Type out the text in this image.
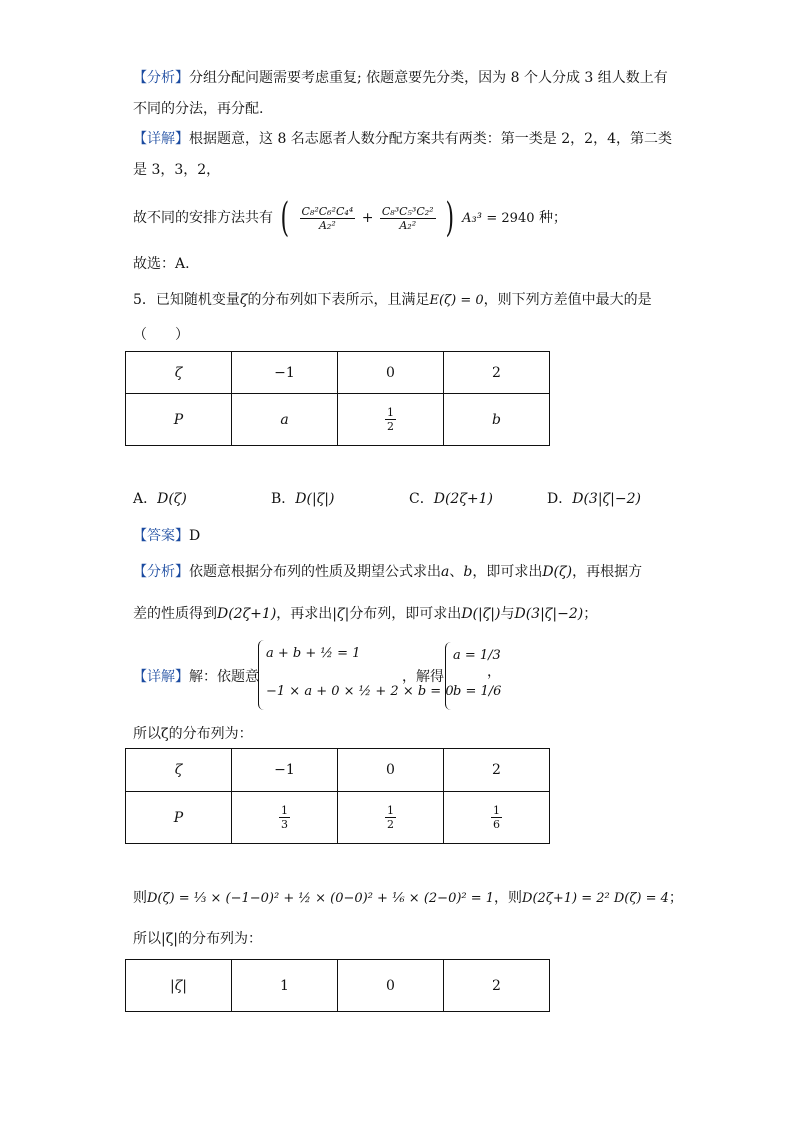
【分析】分组分配问题需要考虑重复; 依题意要先分类，因为 8 个人分成 3 组人数上有
不同的分法，再分配.
【详解】根据题意，这 8 名志愿者人数分配方案共有两类：第一类是 2，2，4，第二类
是 3，3，2，
故不同的安排方法共有 ( $\frac{\text{C₈²C₆²C₄⁴}}{\text{A₂²}} + \frac{\text{C₈³C₅³C₂²}}{\text{A₂²}}$ ) A₃³ = 2940 种；
故选：A.
5．已知随机变量ζ的分布列如下表所示，且满足E(ζ) = 0，则下列方差值中最大的是
（　　）
ζ	−1	0	2
P	a	$\frac{1}{2}$	b
A．D(ζ)	B．D(|ζ|)	C．D(2ζ+1)	D．D(3|ζ|−2)
【答案】D
【分析】依题意根据分布列的性质及期望公式求出a、b，即可求出D(ζ)，再根据方
差的性质得到D(2ζ+1)，再求出|ζ|分布列，即可求出D(|ζ|)与D(3|ζ|−2)；
【详解】解：依题意
a + b + ½ = 1
−1 × a + 0 × ½ + 2 × b = 0
，解得
a = 1/3
b = 1/6
，
所以ζ的分布列为：
ζ	−1	0	2
P	$\frac{1}{3}$	$\frac{1}{2}$	$\frac{1}{6}$
则D(ζ) = ⅓ × (−1−0)² + ½ × (0−0)² + ⅙ × (2−0)² = 1，则D(2ζ+1) = 2² D(ζ) = 4；
所以|ζ|的分布列为：
|ζ|	1	0	2
